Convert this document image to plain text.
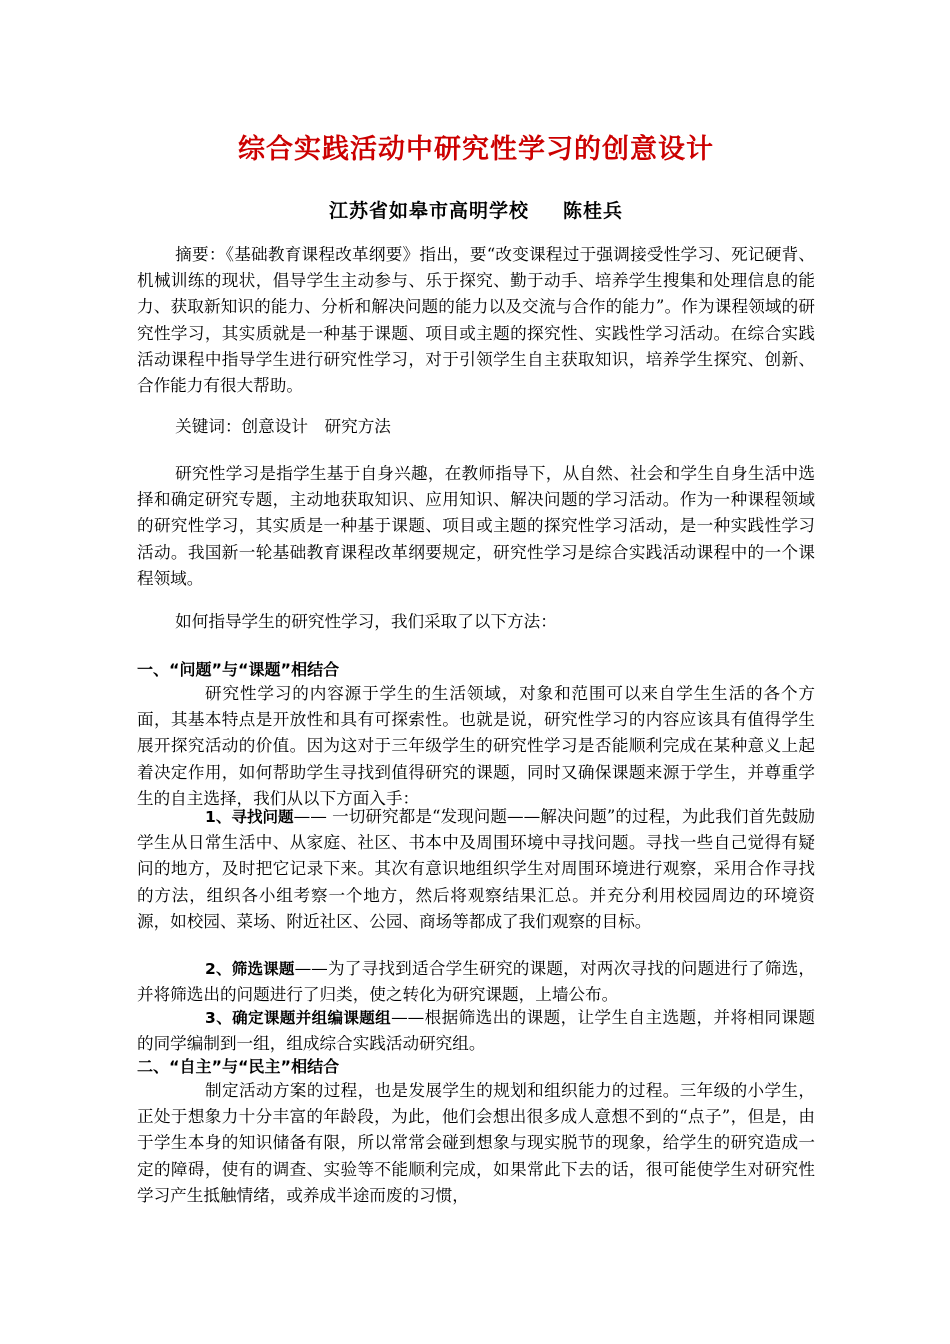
综合实践活动中研究性学习的创意设计
江苏省如皋市高明学校 陈桂兵

摘要：《基础教育课程改革纲要》指出，要“改变课程过于强调接受性学习、死记硬背、机械训练的现状，倡导学生主动参与、乐于探究、勤于动手、培养学生搜集和处理信息的能力、获取新知识的能力、分析和解决问题的能力以及交流与合作的能力”。作为课程领域的研究性学习，其实质就是一种基于课题、项目或主题的探究性、实践性学习活动。在综合实践活动课程中指导学生进行研究性学习，对于引领学生自主获取知识，培养学生探究、创新、合作能力有很大帮助。

关键词：创意设计　研究方法

研究性学习是指学生基于自身兴趣，在教师指导下，从自然、社会和学生自身生活中选择和确定研究专题，主动地获取知识、应用知识、解决问题的学习活动。作为一种课程领域的研究性学习，其实质是一种基于课题、项目或主题的探究性学习活动，是一种实践性学习活动。我国新一轮基础教育课程改革纲要规定，研究性学习是综合实践活动课程中的一个课程领域。

如何指导学生的研究性学习，我们采取了以下方法：

一、“问题”与“课题”相结合

研究性学习的内容源于学生的生活领域，对象和范围可以来自学生生活的各个方面，其基本特点是开放性和具有可探索性。也就是说，研究性学习的内容应该具有值得学生展开探究活动的价值。因为这对于三年级学生的研究性学习是否能顺利完成在某种意义上起着决定作用，如何帮助学生寻找到值得研究的课题，同时又确保课题来源于学生，并尊重学生的自主选择，我们从以下方面入手：

1、寻找问题—— 一切研究都是“发现问题——解决问题”的过程，为此我们首先鼓励学生从日常生活中、从家庭、社区、书本中及周围环境中寻找问题。寻找一些自己觉得有疑问的地方，及时把它记录下来。其次有意识地组织学生对周围环境进行观察，采用合作寻找的方法，组织各小组考察一个地方，然后将观察结果汇总。并充分利用校园周边的环境资源，如校园、菜场、附近社区、公园、商场等都成了我们观察的目标。

2、筛选课题——为了寻找到适合学生研究的课题，对两次寻找的问题进行了筛选，并将筛选出的问题进行了归类，使之转化为研究课题，上墙公布。

3、确定课题并组编课题组——根据筛选出的课题，让学生自主选题，并将相同课题的同学编制到一组，组成综合实践活动研究组。

二、“自主”与“民主”相结合

制定活动方案的过程，也是发展学生的规划和组织能力的过程。三年级的小学生，正处于想象力十分丰富的年龄段，为此，他们会想出很多成人意想不到的“点子”，但是，由于学生本身的知识储备有限，所以常常会碰到想象与现实脱节的现象，给学生的研究造成一定的障碍，使有的调查、实验等不能顺利完成，如果常此下去的话，很可能使学生对研究性学习产生抵触情绪，或养成半途而废的习惯，
